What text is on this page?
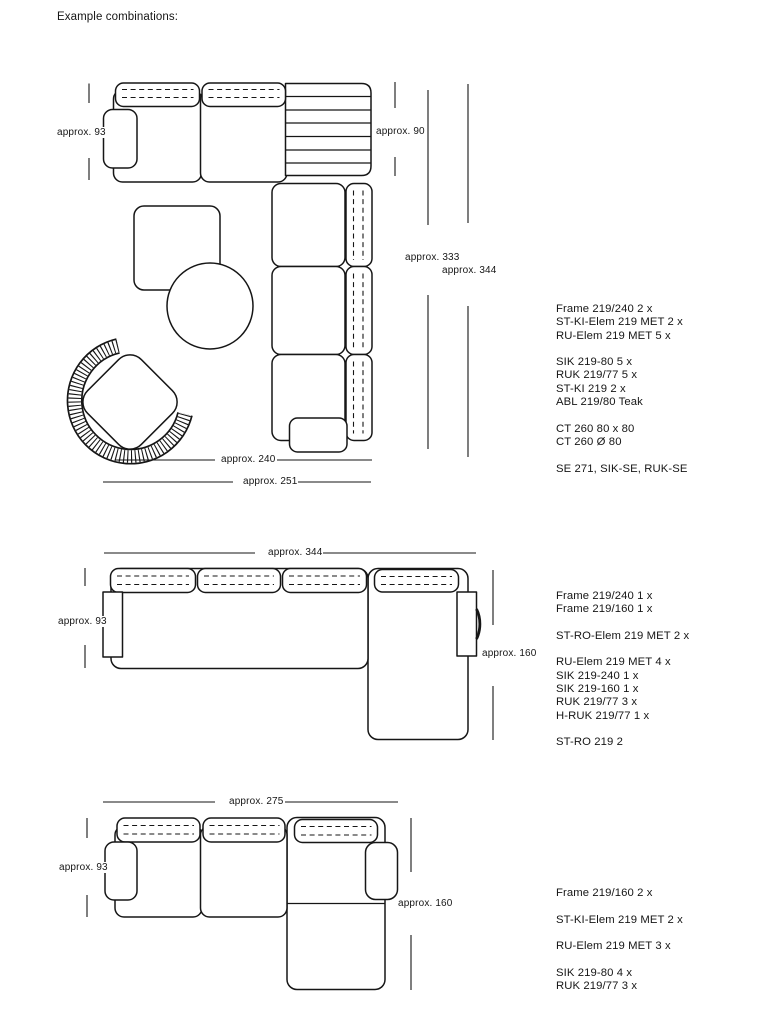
Example combinations:
approx. 93	approx. 90
approx. 333
approx. 344
approx. 240
approx. 251
approx. 344
approx. 93
approx. 160
approx. 275
approx. 93
approx. 160
Frame 219/240 2 x
ST-KI-Elem 219 MET 2 x
RU-Elem 219 MET 5 x
SIK 219-80 5 x
RUK 219/77 5 x
ST-KI 219 2 x
ABL 219/80 Teak
CT 260 80 x 80
CT 260 Ø 80
SE 271, SIK-SE, RUK-SE
Frame 219/240 1 x
Frame 219/160 1 x
ST-RO-Elem 219 MET 2 x
RU-Elem 219 MET 4 x
SIK 219-240 1 x
SIK 219-160 1 x
RUK 219/77 3 x
H-RUK 219/77 1 x
ST-RO 219 2
Frame 219/160 2 x
ST-KI-Elem 219 MET 2 x
RU-Elem 219 MET 3 x
SIK 219-80 4 x
RUK 219/77 3 x
